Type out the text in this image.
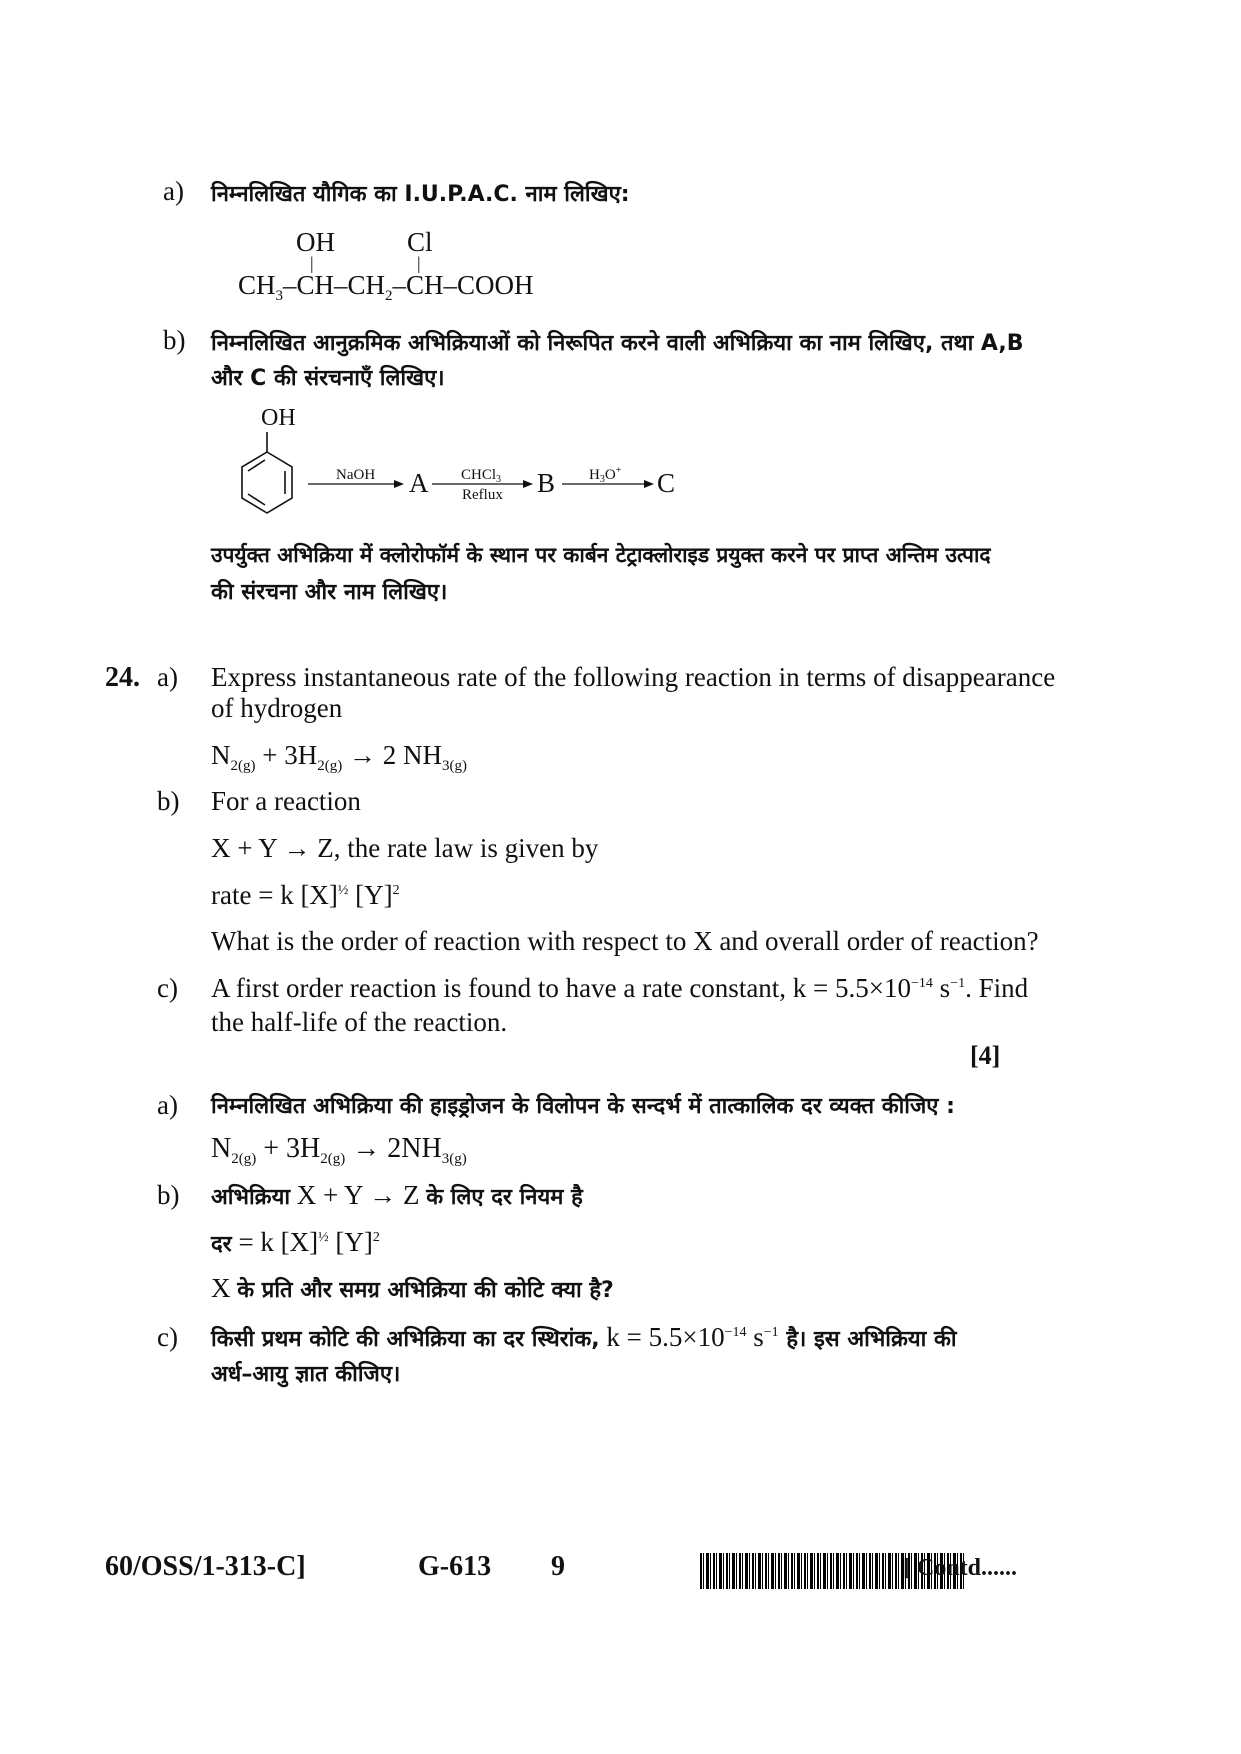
a) निम्नलिखित यौगिक का I.U.P.A.C. नाम लिखिए:
OH	Cl
|	|
$CH_3-CH-CH_2-CH$–COOH
b) निम्नलिखित आनुक्रमिक अभिक्रियाओं को निरूपित करने वाली अभिक्रिया का नाम लिखिए, तथा A,B
और C की संरचनाएँ लिखिए।
OH
NaOH A CHCl$_3$
Reflux B $H_3O^+$ C
उपर्युक्त अभिक्रिया में क्लोरोफॉर्म के स्थान पर कार्बन टेट्राक्लोराइड प्रयुक्त करने पर प्राप्त अन्तिम उत्पाद
की संरचना और नाम लिखिए।
24. a) Express instantaneous rate of the following reaction in terms of disappearance
of hydrogen
$N_{2(g)} + 3H_{2(g)} \to 2$ $NH_{3(g)}$
b) For a reaction
X + Y → Z, the rate law is given by
rate = k $[X]^{\frac{1}{2}}$ $[Y]^2$
What is the order of reaction with respect to X and overall order of reaction?
c) A first order reaction is found to have a rate constant, $k = 5.5\times 10^{-14}$ $s^{-1}$. Find
the half-life of the reaction.
[4]
a) निम्नलिखित अभिक्रिया की हाइड्रोजन के विलोपन के सन्दर्भ में तात्कालिक दर व्यक्त कीजिए :
$N_{2(g)} + 3H_{2(g)} \to 2NH_{3(g)}$
b) अभिक्रिया X + Y → Z के लिए दर नियम है
दर = k $[X]^{\frac{1}{2}}$ $[Y]^2$
X के प्रति और समग्र अभिक्रिया की कोटि क्या है?
c) किसी प्रथम कोटि की अभिक्रिया का दर स्थिरांक, $k = 5.5\times 10^{-14}$ $s^{-1}$ है। इस अभिक्रिया की
अर्ध–आयु ज्ञात कीजिए।
60/OSS/1-313-C]	G-613 9	[ Contd......
